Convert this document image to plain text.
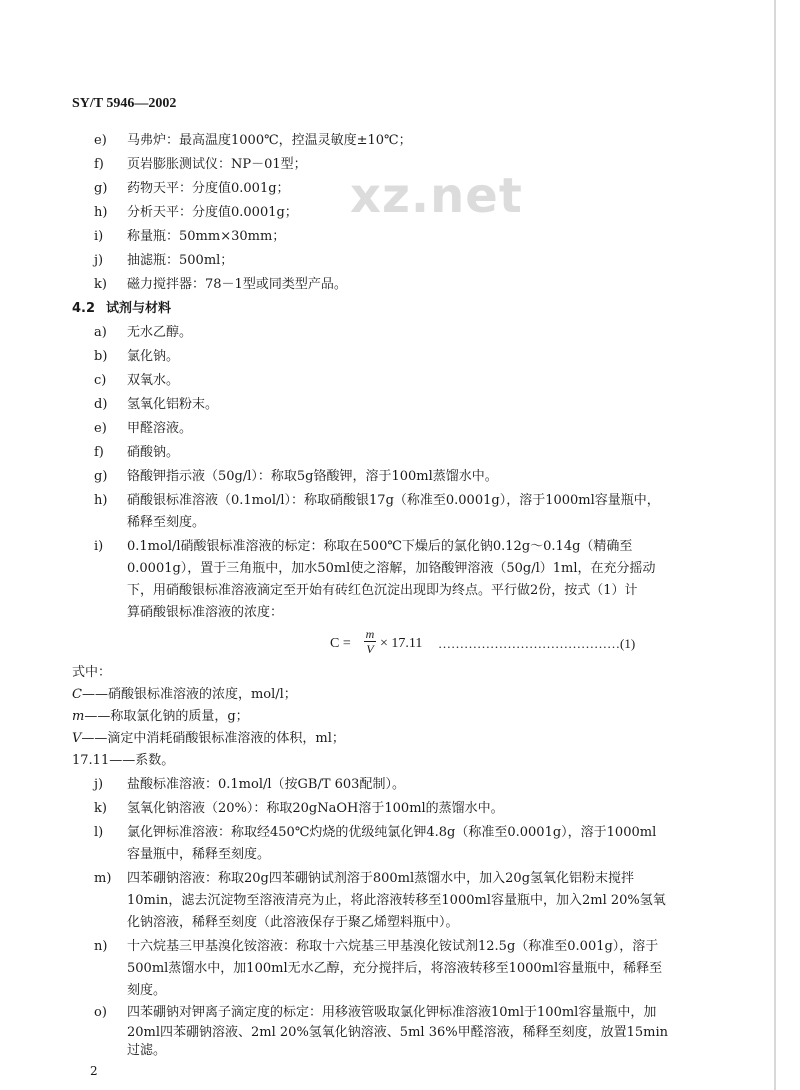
SY/T 5946—2002
xz.net
e) 马弗炉：最高温度1000℃，控温灵敏度±10℃；
f) 页岩膨胀测试仪：NP－01型；
g) 药物天平：分度值0.001g；
h) 分析天平：分度值0.0001g；
i) 称量瓶：50mm×30mm；
j) 抽滤瓶：500ml；
k) 磁力搅拌器：78－1型或同类型产品。
4.2 试剂与材料
a) 无水乙醇。
b) 氯化钠。
c) 双氧水。
d) 氢氧化铝粉末。
e) 甲醛溶液。
f) 硝酸钠。
g) 铬酸钾指示液（50g/l）：称取5g铬酸钾，溶于100ml蒸馏水中。
h) 硝酸银标准溶液（0.1mol/l）：称取硝酸银17g（称准至0.0001g），溶于1000ml容量瓶中，
稀释至刻度。
i) 0.1mol/l硝酸银标准溶液的标定：称取在500℃下燥后的氯化钠0.12g～0.14g（精确至
0.0001g），置于三角瓶中，加水50ml使之溶解，加铬酸钾溶液（50g/l）1ml，在充分摇动
下，用硝酸银标准溶液滴定至开始有砖红色沉淀出现即为终点。平行做2份，按式（1）计
算硝酸银标准溶液的浓度：
$C = \frac{m}{V} \times 17.11$ ……………………………………(1)
式中：
C——硝酸银标准溶液的浓度，mol/l；
m——称取氯化钠的质量，g；
V——滴定中消耗硝酸银标准溶液的体积，ml；
17.11——系数。
j) 盐酸标准溶液：0.1mol/l（按GB/T 603配制）。
k) 氢氧化钠溶液（20%）：称取20gNaOH溶于100ml的蒸馏水中。
l) 氯化钾标准溶液：称取经450℃灼烧的优级纯氯化钾4.8g（称准至0.0001g），溶于1000ml
容量瓶中，稀释至刻度。
m) 四苯硼钠溶液：称取20g四苯硼钠试剂溶于800ml蒸馏水中，加入20g氢氧化铝粉末搅拌
10min，滤去沉淀物至溶液清亮为止，将此溶液转移至1000ml容量瓶中，加入2ml 20%氢氧
化钠溶液，稀释至刻度（此溶液保存于聚乙烯塑料瓶中）。
n) 十六烷基三甲基溴化铵溶液：称取十六烷基三甲基溴化铵试剂12.5g（称准至0.001g），溶于
500ml蒸馏水中，加100ml无水乙醇，充分搅拌后，将溶液转移至1000ml容量瓶中，稀释至
刻度。
o) 四苯硼钠对钾离子滴定度的标定：用移液管吸取氯化钾标准溶液10ml于100ml容量瓶中，加
20ml四苯硼钠溶液、2ml 20%氢氧化钠溶液、5ml 36%甲醛溶液，稀释至刻度，放置15min
过滤。
2
